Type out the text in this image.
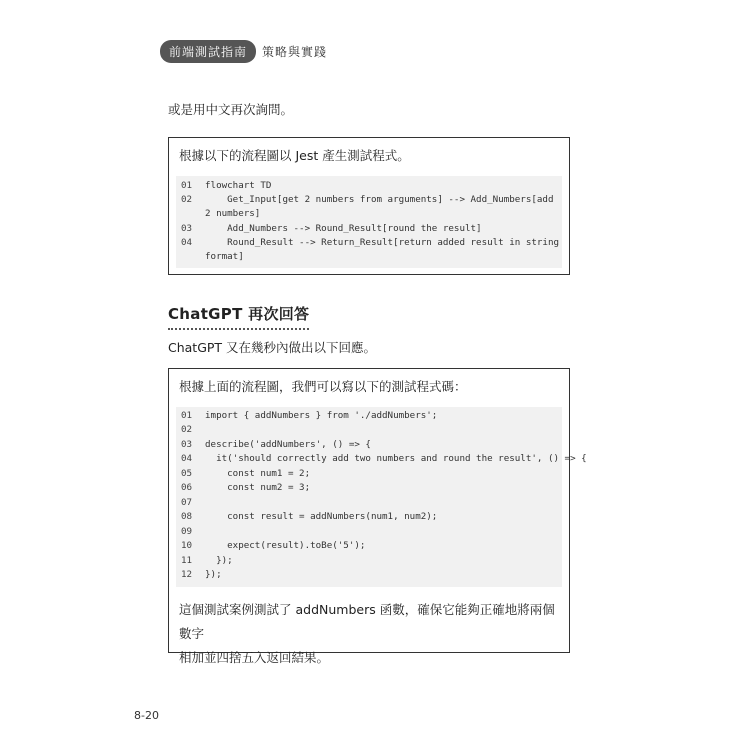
前端測試指南	策略與實踐
或是用中文再次詢問。
根據以下的流程圖以 Jest 產生測試程式。
01 flowchart TD
02    Get_Input[get 2 numbers from arguments] --> Add_Numbers[add
2 numbers]
03    Add_Numbers --> Round_Result[round the result]
04    Round_Result --> Return_Result[return added result in string
format]
ChatGPT 再次回答
ChatGPT 又在幾秒內做出以下回應。
根據上面的流程圖，我們可以寫以下的測試程式碼：
01 import { addNumbers } from './addNumbers';
02
03 describe('addNumbers', () => {
04  it('should correctly add two numbers and round the result', () => {
05    const num1 = 2;
06    const num2 = 3;
07
08    const result = addNumbers(num1, num2);
09
10    expect(result).toBe('5');
11  });
12 });
這個測試案例測試了 addNumbers 函數，確保它能夠正確地將兩個數字
相加並四捨五入返回結果。
8-20
